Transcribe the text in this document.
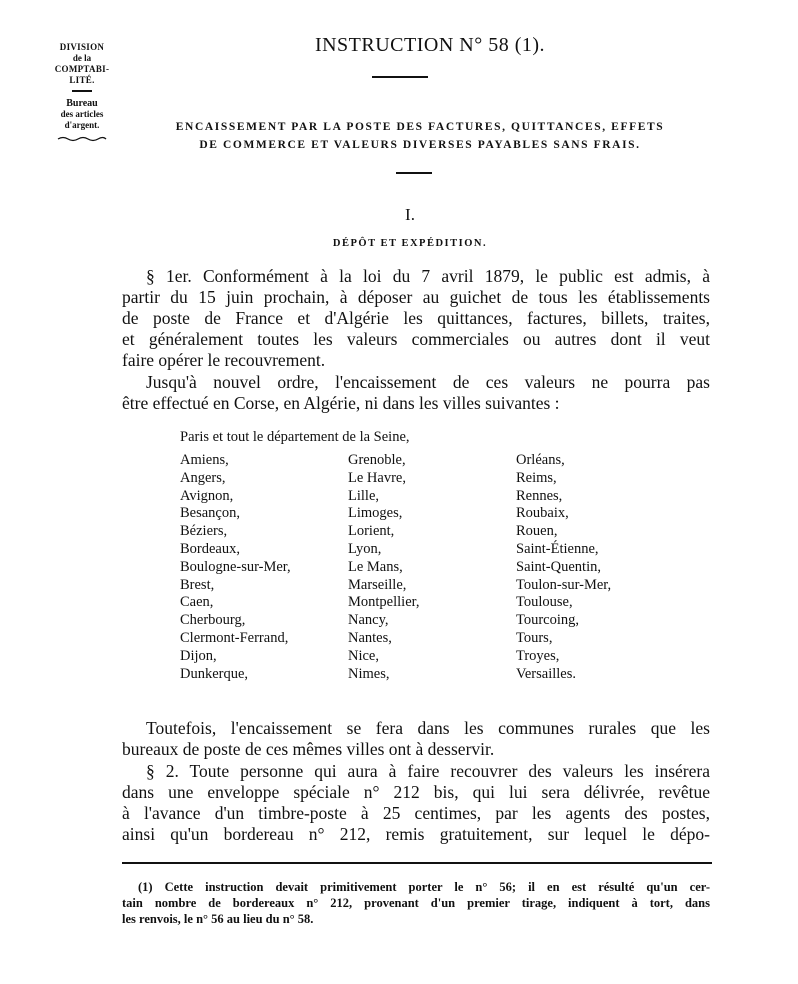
DIVISION
de la
COMPTABI-
LITÉ.
Bureau
des articles
d'argent.
INSTRUCTION N° 58 (1).
ENCAISSEMENT PAR LA POSTE DES FACTURES, QUITTANCES, EFFETS
DE COMMERCE ET VALEURS DIVERSES PAYABLES SANS FRAIS.
I.
DÉPÔT ET EXPÉDITION.
§ 1er. Conformément à la loi du 7 avril 1879, le public est admis, à
partir du 15 juin prochain, à déposer au guichet de tous les établissements
de poste de France et d'Algérie les quittances, factures, billets, traites,
et généralement toutes les valeurs commerciales ou autres dont il veut
faire opérer le recouvrement.
Jusqu'à nouvel ordre, l'encaissement de ces valeurs ne pourra pas
être effectué en Corse, en Algérie, ni dans les villes suivantes :
Paris et tout le département de la Seine,
Amiens,
Angers,
Avignon,
Besançon,
Béziers,
Bordeaux,
Boulogne-sur-Mer,
Brest,
Caen,
Cherbourg,
Clermont-Ferrand,
Dijon,
Dunkerque,
Grenoble,
Le Havre,
Lille,
Limoges,
Lorient,
Lyon,
Le Mans,
Marseille,
Montpellier,
Nancy,
Nantes,
Nice,
Nimes,
Orléans,
Reims,
Rennes,
Roubaix,
Rouen,
Saint-Étienne,
Saint-Quentin,
Toulon-sur-Mer,
Toulouse,
Tourcoing,
Tours,
Troyes,
Versailles.
Toutefois, l'encaissement se fera dans les communes rurales que les
bureaux de poste de ces mêmes villes ont à desservir.
§ 2. Toute personne qui aura à faire recouvrer des valeurs les insérera
dans une enveloppe spéciale n° 212 bis, qui lui sera délivrée, revêtue
à l'avance d'un timbre-poste à 25 centimes, par les agents des postes,
ainsi qu'un bordereau n° 212, remis gratuitement, sur lequel le dépo-
(1) Cette instruction devait primitivement porter le n° 56; il en est résulté qu'un cer-
tain nombre de bordereaux n° 212, provenant d'un premier tirage, indiquent à tort, dans
les renvois, le n° 56 au lieu du n° 58.
